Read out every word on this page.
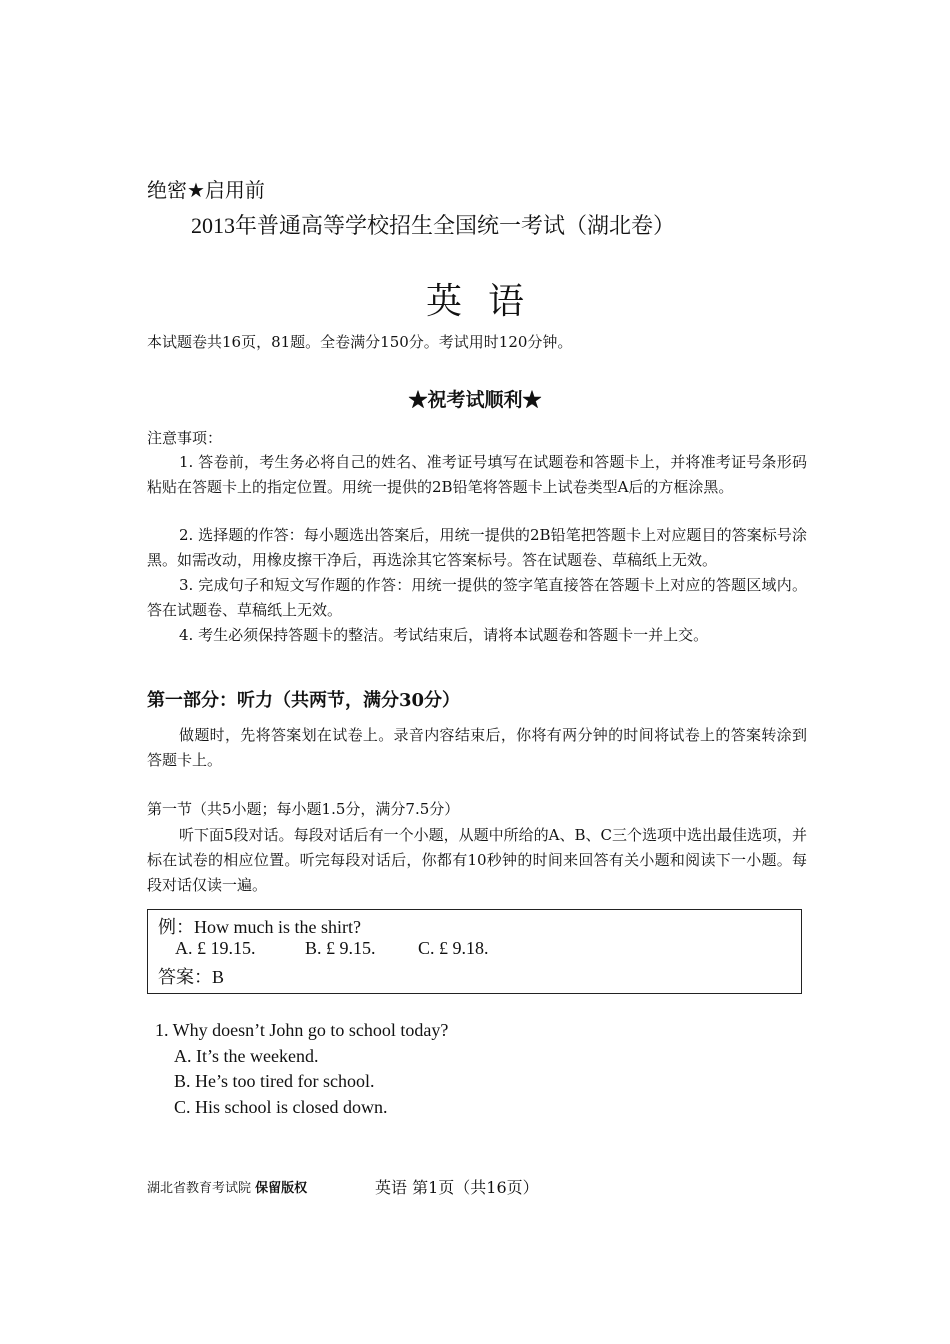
绝密★启用前
2013年普通高等学校招生全国统一考试（湖北卷）
英语
本试题卷共16页，81题。全卷满分150分。考试用时120分钟。
★祝考试顺利★
注意事项：
1. 答卷前，考生务必将自己的姓名、准考证号填写在试题卷和答题卡上，并将准考证号条形码粘贴在答题卡上的指定位置。用统一提供的2B铅笔将答题卡上试卷类型A后的方框涂黑。
2. 选择题的作答：每小题选出答案后，用统一提供的2B铅笔把答题卡上对应题目的答案标号涂黑。如需改动，用橡皮擦干净后，再选涂其它答案标号。答在试题卷、草稿纸上无效。
3. 完成句子和短文写作题的作答：用统一提供的签字笔直接答在答题卡上对应的答题区域内。答在试题卷、草稿纸上无效。
4. 考生必须保持答题卡的整洁。考试结束后，请将本试题卷和答题卡一并上交。
第一部分：听力（共两节，满分30分）
做题时，先将答案划在试卷上。录音内容结束后，你将有两分钟的时间将试卷上的答案转涂到答题卡上。
第一节（共5小题；每小题1.5分，满分7.5分）
听下面5段对话。每段对话后有一个小题，从题中所给的A、B、C三个选项中选出最佳选项，并标在试卷的相应位置。听完每段对话后，你都有10秒钟的时间来回答有关小题和阅读下一小题。每段对话仅读一遍。
例：How much is the shirt?
A. £ 19.15.	B. £ 9.15. C. £ 9.18.
答案：B
1. Why doesn’t John go to school today?
A. It’s the weekend.
B. He’s too tired for school.
C. His school is closed down.
湖北省教育考试院 保留版权	英语 第1页（共16页）
